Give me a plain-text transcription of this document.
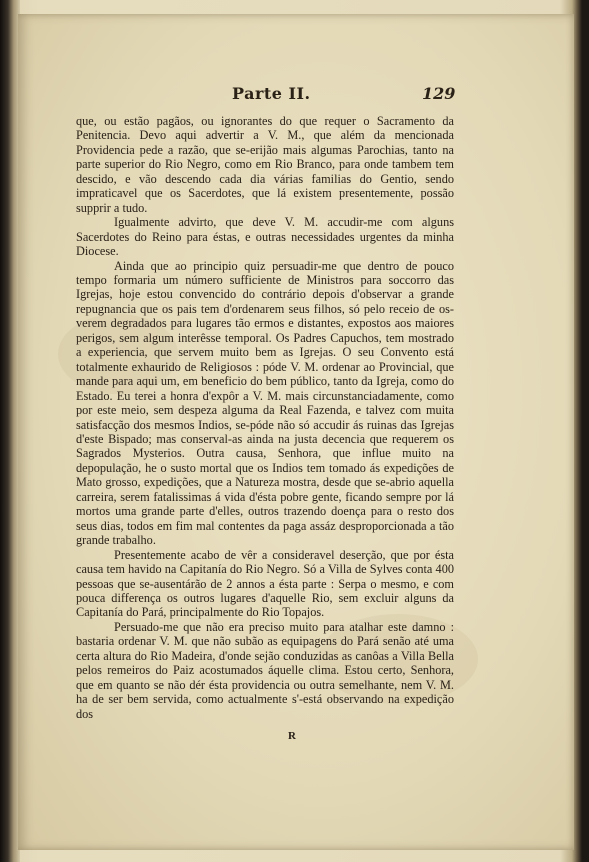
Parte II.	129

que, ou estão pagãos, ou ignorantes do que requer o Sacramento da Penitencia. Devo aqui advertir a V. M., que além da mencionada Providencia pede a razão, que se-erijão mais algumas Parochias, tanto na parte superior do Rio Negro, como em Rio Branco, para onde tambem tem descido, e vão descendo cada dia várias familias do Gentio, sendo impraticavel que os Sacerdotes, que lá existem presentemente, possão supprir a tudo.

Igualmente advirto, que deve V. M. accudir-me com alguns Sacerdotes do Reino para éstas, e outras necessidades urgentes da minha Diocese.

Ainda que ao principio quiz persuadir-me que dentro de pouco tempo formaria um número sufficiente de Ministros para soccorro das Igrejas, hoje estou convencido do contrário depois d'observar a grande repugnancia que os pais tem d'ordenarem seus filhos, só pelo receio de os-verem degradados para lugares tão ermos e distantes, expostos aos maiores perigos, sem algum interêsse temporal. Os Padres Capuchos, tem mostrado a experiencia, que servem muito bem as Igrejas. O seu Convento está totalmente exhaurido de Religiosos : póde V. M. ordenar ao Provincial, que mande para aqui um, em beneficio do bem público, tanto da Igreja, como do Estado. Eu terei a honra d'expôr a V. M. mais circunstanciadamente, como por este meio, sem despeza alguma da Real Fazenda, e talvez com muita satisfacção dos mesmos Indios, se-póde não só accudir ás ruinas das Igrejas d'este Bispado; mas conserval-as ainda na justa decencia que requerem os Sagrados Mysterios. Outra causa, Senhora, que influe muito na depopulação, he o susto mortal que os Indios tem tomado ás expedições de Mato grosso, expedições, que a Natureza mostra, desde que se-abrio aquella carreira, serem fatalissimas á vida d'ésta pobre gente, ficando sempre por lá mortos uma grande parte d'elles, outros trazendo doença para o resto dos seus dias, todos em fim mal contentes da paga assáz desproporcionada a tão grande trabalho.

Presentemente acabo de vêr a consideravel deserção, que por ésta causa tem havido na Capitanía do Rio Negro. Só a Villa de Sylves conta 400 pessoas que se-ausentárão de 2 annos a ésta parte : Serpa o mesmo, e com pouca differença os outros lugares d'aquelle Rio, sem excluir alguns da Capitanía do Pará, principalmente do Rio Topajos.

Persuado-me que não era preciso muito para atalhar este damno : bastaria ordenar V. M. que não subão as equipagens do Pará senão até uma certa altura do Rio Madeira, d'onde sejão conduzidas as canôas a Villa Bella pelos remeiros do Paiz acostumados áquelle clima. Estou certo, Senhora, que em quanto se não dér ésta providencia ou outra semelhante, nem V. M. ha de ser bem servida, como actualmente s'-está observando na expedição dos

R
